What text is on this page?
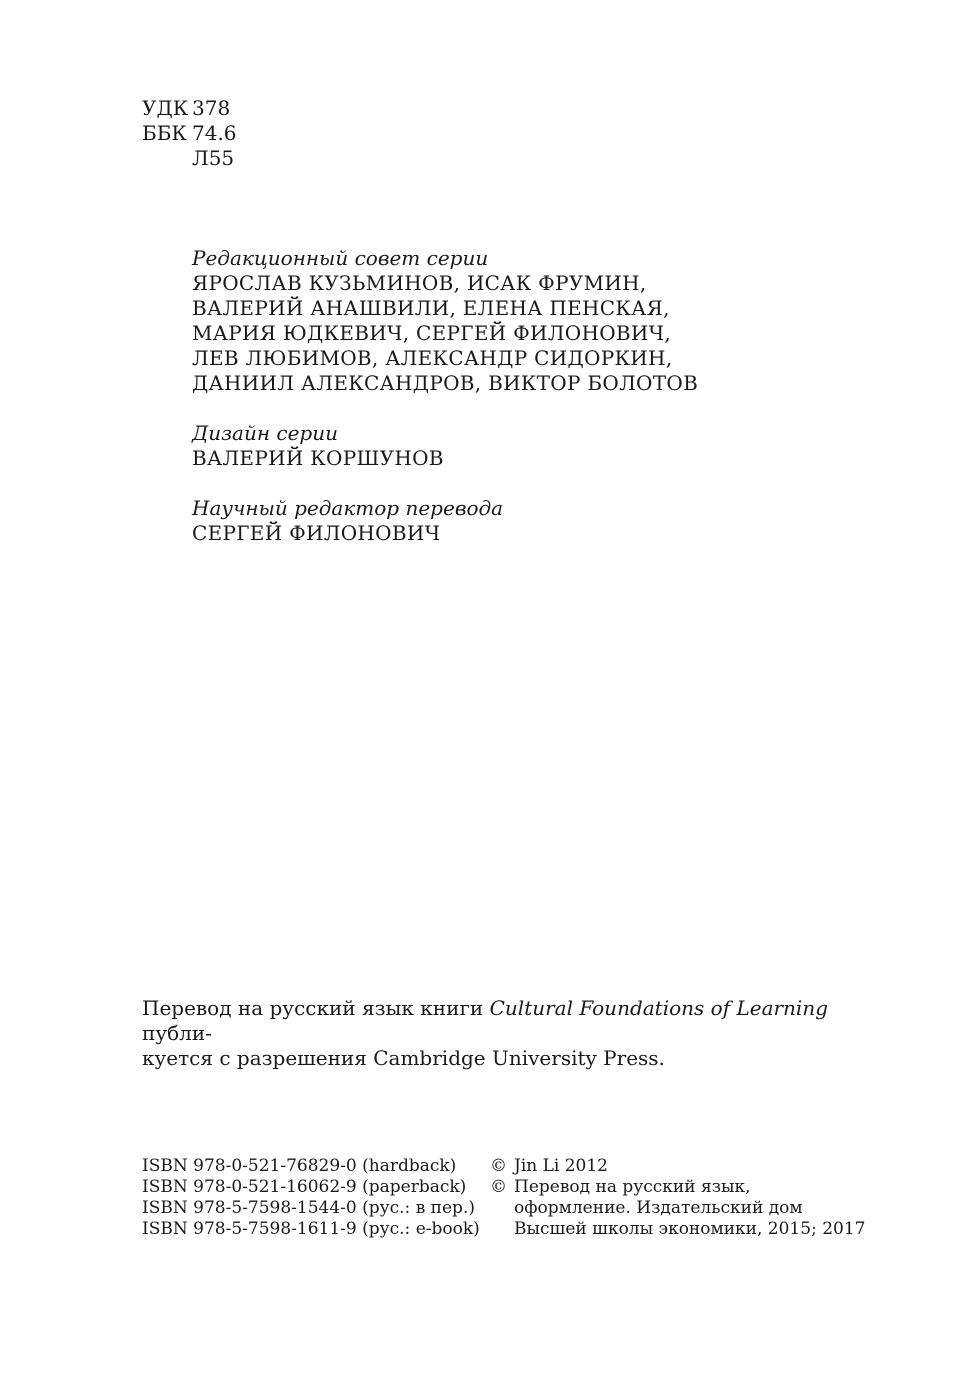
УДК 378
ББК 74.6
Л55
Редакционный совет серии
ЯРОСЛАВ КУЗЬМИНОВ, ИСАК ФРУМИН,
ВАЛЕРИЙ АНАШВИЛИ, ЕЛЕНА ПЕНСКАЯ,
МАРИЯ ЮДКЕВИЧ, СЕРГЕЙ ФИЛОНОВИЧ,
ЛЕВ ЛЮБИМОВ, АЛЕКСАНДР СИДОРКИН,
ДАНИИЛ АЛЕКСАНДРОВ, ВИКТОР БОЛОТОВ
Дизайн серии
ВАЛЕРИЙ КОРШУНОВ
Научный редактор перевода
СЕРГЕЙ ФИЛОНОВИЧ
Перевод на русский язык книги Cultural Foundations of Learning публи-
куется с разрешения Cambridge University Press.
ISBN 978-0-521-76829-0 (hardback)
ISBN 978-0-521-16062-9 (paperback)
ISBN 978-5-7598-1544-0 (рус.: в пер.)
ISBN 978-5-7598-1611-9 (рус.: e-book)
© Jin Li 2012
© Перевод на русский язык,
оформление. Издательский дом
Высшей школы экономики, 2015; 2017
